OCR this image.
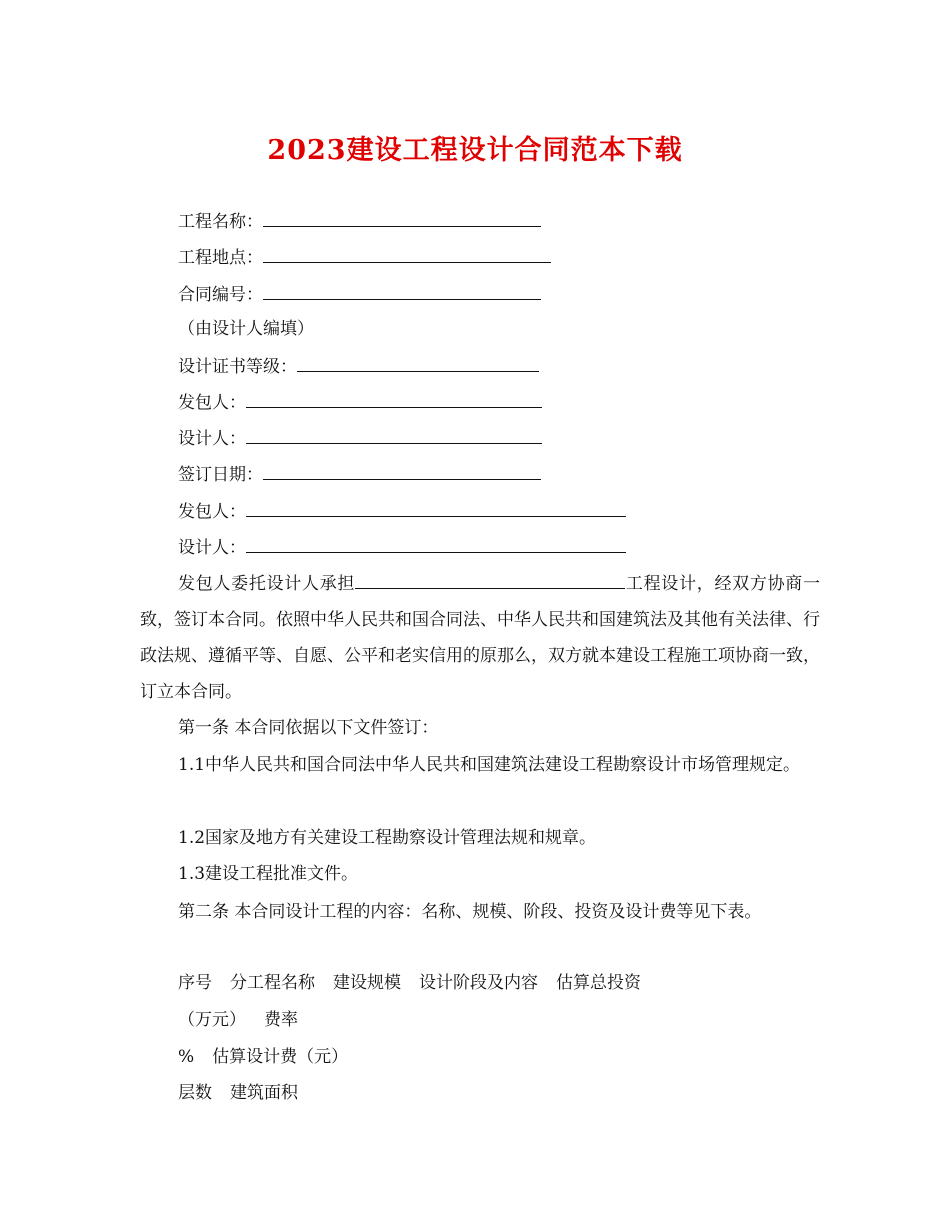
2023建设工程设计合同范本下载
工程名称：
工程地点：
合同编号：
（由设计人编填）
设计证书等级：
发包人：
设计人：
签订日期：
发包人：
设计人：
发包人委托设计人承担	工程设计，经双方协商一致，签订本合同。依照中华人民共和国合同法、中华人民共和国建筑法及其他有关法律、行政法规、遵循平等、自愿、公平和老实信用的原那么，双方就本建设工程施工项协商一致，订立本合同。
第一条 本合同依据以下文件签订：
1.1中华人民共和国合同法中华人民共和国建筑法建设工程勘察设计市场管理规定。
1.2国家及地方有关建设工程勘察设计管理法规和规章。
1.3建设工程批准文件。
第二条 本合同设计工程的内容：名称、规模、阶段、投资及设计费等见下表。
序号 分工程名称 建设规模 设计阶段及内容 估算总投资
（万元） 费率
% 估算设计费（元）
层数 建筑面积
